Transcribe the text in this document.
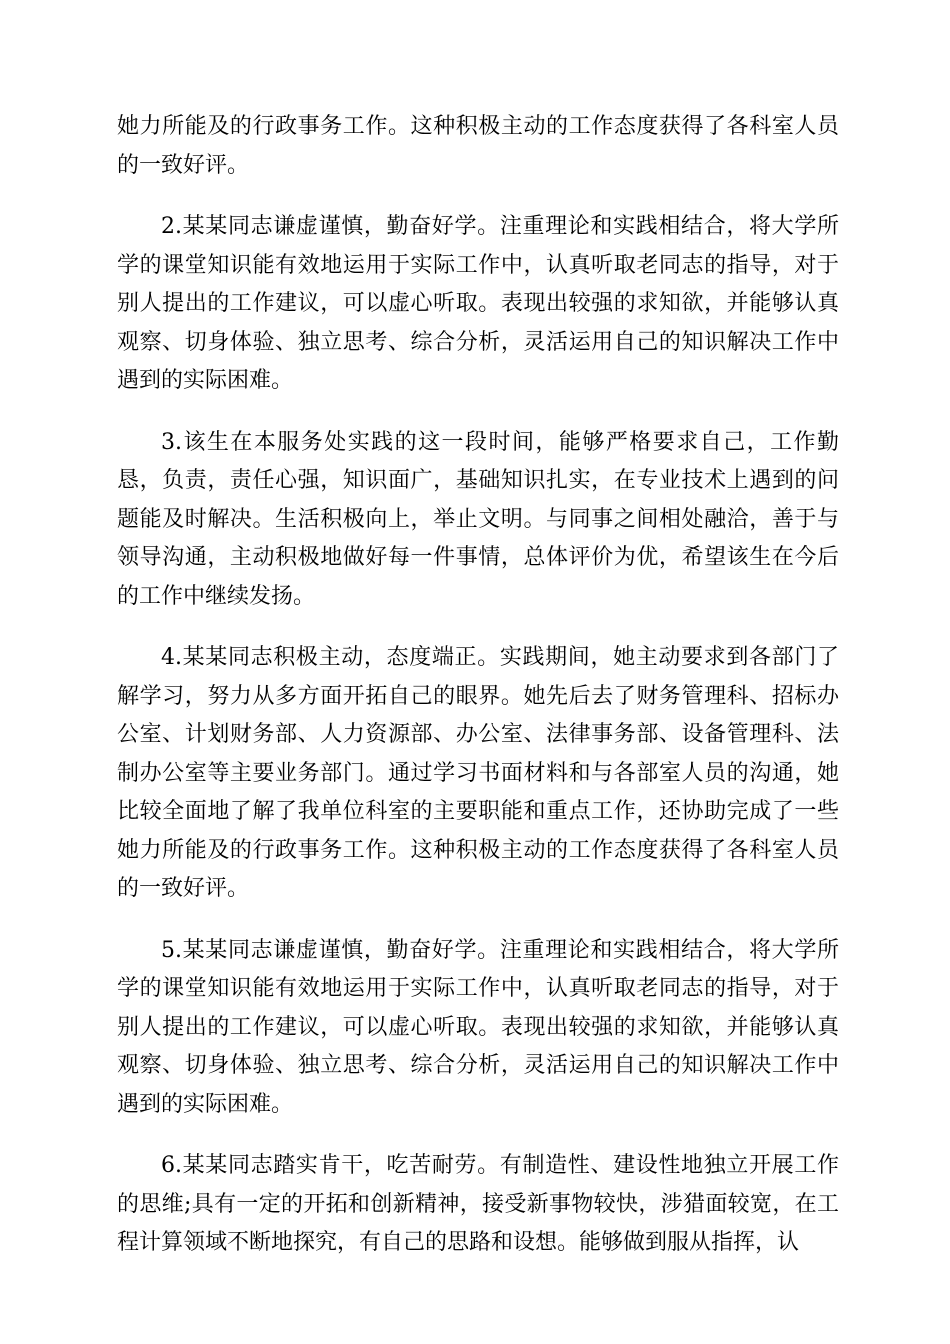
她力所能及的行政事务工作。这种积极主动的工作态度获得了各科室人员的一致好评。

2.某某同志谦虚谨慎，勤奋好学。注重理论和实践相结合，将大学所学的课堂知识能有效地运用于实际工作中，认真听取老同志的指导，对于别人提出的工作建议，可以虚心听取。表现出较强的求知欲，并能够认真观察、切身体验、独立思考、综合分析，灵活运用自己的知识解决工作中遇到的实际困难。

3.该生在本服务处实践的这一段时间，能够严格要求自己，工作勤恳，负责，责任心强，知识面广，基础知识扎实，在专业技术上遇到的问题能及时解决。生活积极向上，举止文明。与同事之间相处融洽，善于与领导沟通，主动积极地做好每一件事情，总体评价为优，希望该生在今后的工作中继续发扬。

4.某某同志积极主动，态度端正。实践期间，她主动要求到各部门了解学习，努力从多方面开拓自己的眼界。她先后去了财务管理科、招标办公室、计划财务部、人力资源部、办公室、法律事务部、设备管理科、法制办公室等主要业务部门。通过学习书面材料和与各部室人员的沟通，她比较全面地了解了我单位科室的主要职能和重点工作，还协助完成了一些她力所能及的行政事务工作。这种积极主动的工作态度获得了各科室人员的一致好评。

5.某某同志谦虚谨慎，勤奋好学。注重理论和实践相结合，将大学所学的课堂知识能有效地运用于实际工作中，认真听取老同志的指导，对于别人提出的工作建议，可以虚心听取。表现出较强的求知欲，并能够认真观察、切身体验、独立思考、综合分析，灵活运用自己的知识解决工作中遇到的实际困难。

6.某某同志踏实肯干，吃苦耐劳。有制造性、建设性地独立开展工作的思维;具有一定的开拓和创新精神，接受新事物较快，涉猎面较宽，在工程计算领域不断地探究，有自己的思路和设想。能够做到服从指挥，认
